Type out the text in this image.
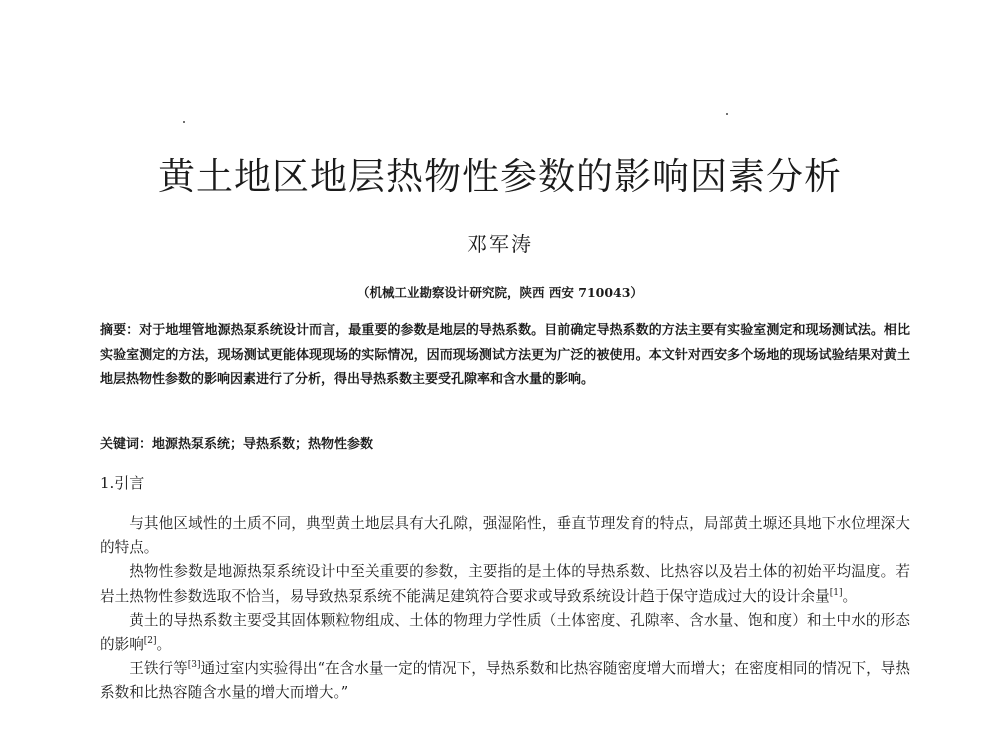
黄土地区地层热物性参数的影响因素分析
邓军涛
（机械工业勘察设计研究院，陕西 西安 710043）
摘要：对于地埋管地源热泵系统设计而言，最重要的参数是地层的导热系数。目前确定导热系数的方法主要有实验室测定和现场测试法。相比实验室测定的方法，现场测试更能体现现场的实际情况，因而现场测试方法更为广泛的被使用。本文针对西安多个场地的现场试验结果对黄土地层热物性参数的影响因素进行了分析，得出导热系数主要受孔隙率和含水量的影响。
关键词：地源热泵系统；导热系数；热物性参数
1.引言

与其他区域性的土质不同，典型黄土地层具有大孔隙，强湿陷性，垂直节理发育的特点，局部黄土塬还具地下水位埋深大的特点。

热物性参数是地源热泵系统设计中至关重要的参数，主要指的是土体的导热系数、比热容以及岩土体的初始平均温度。若岩土热物性参数选取不恰当，易导致热泵系统不能满足建筑符合要求或导致系统设计趋于保守造成过大的设计余量[1]。

黄土的导热系数主要受其固体颗粒物组成、土体的物理力学性质（土体密度、孔隙率、含水量、饱和度）和土中水的形态的影响[2]。

王铁行等[3]通过室内实验得出“在含水量一定的情况下，导热系数和比热容随密度增大而增大；在密度相同的情况下，导热系数和比热容随含水量的增大而增大。”
